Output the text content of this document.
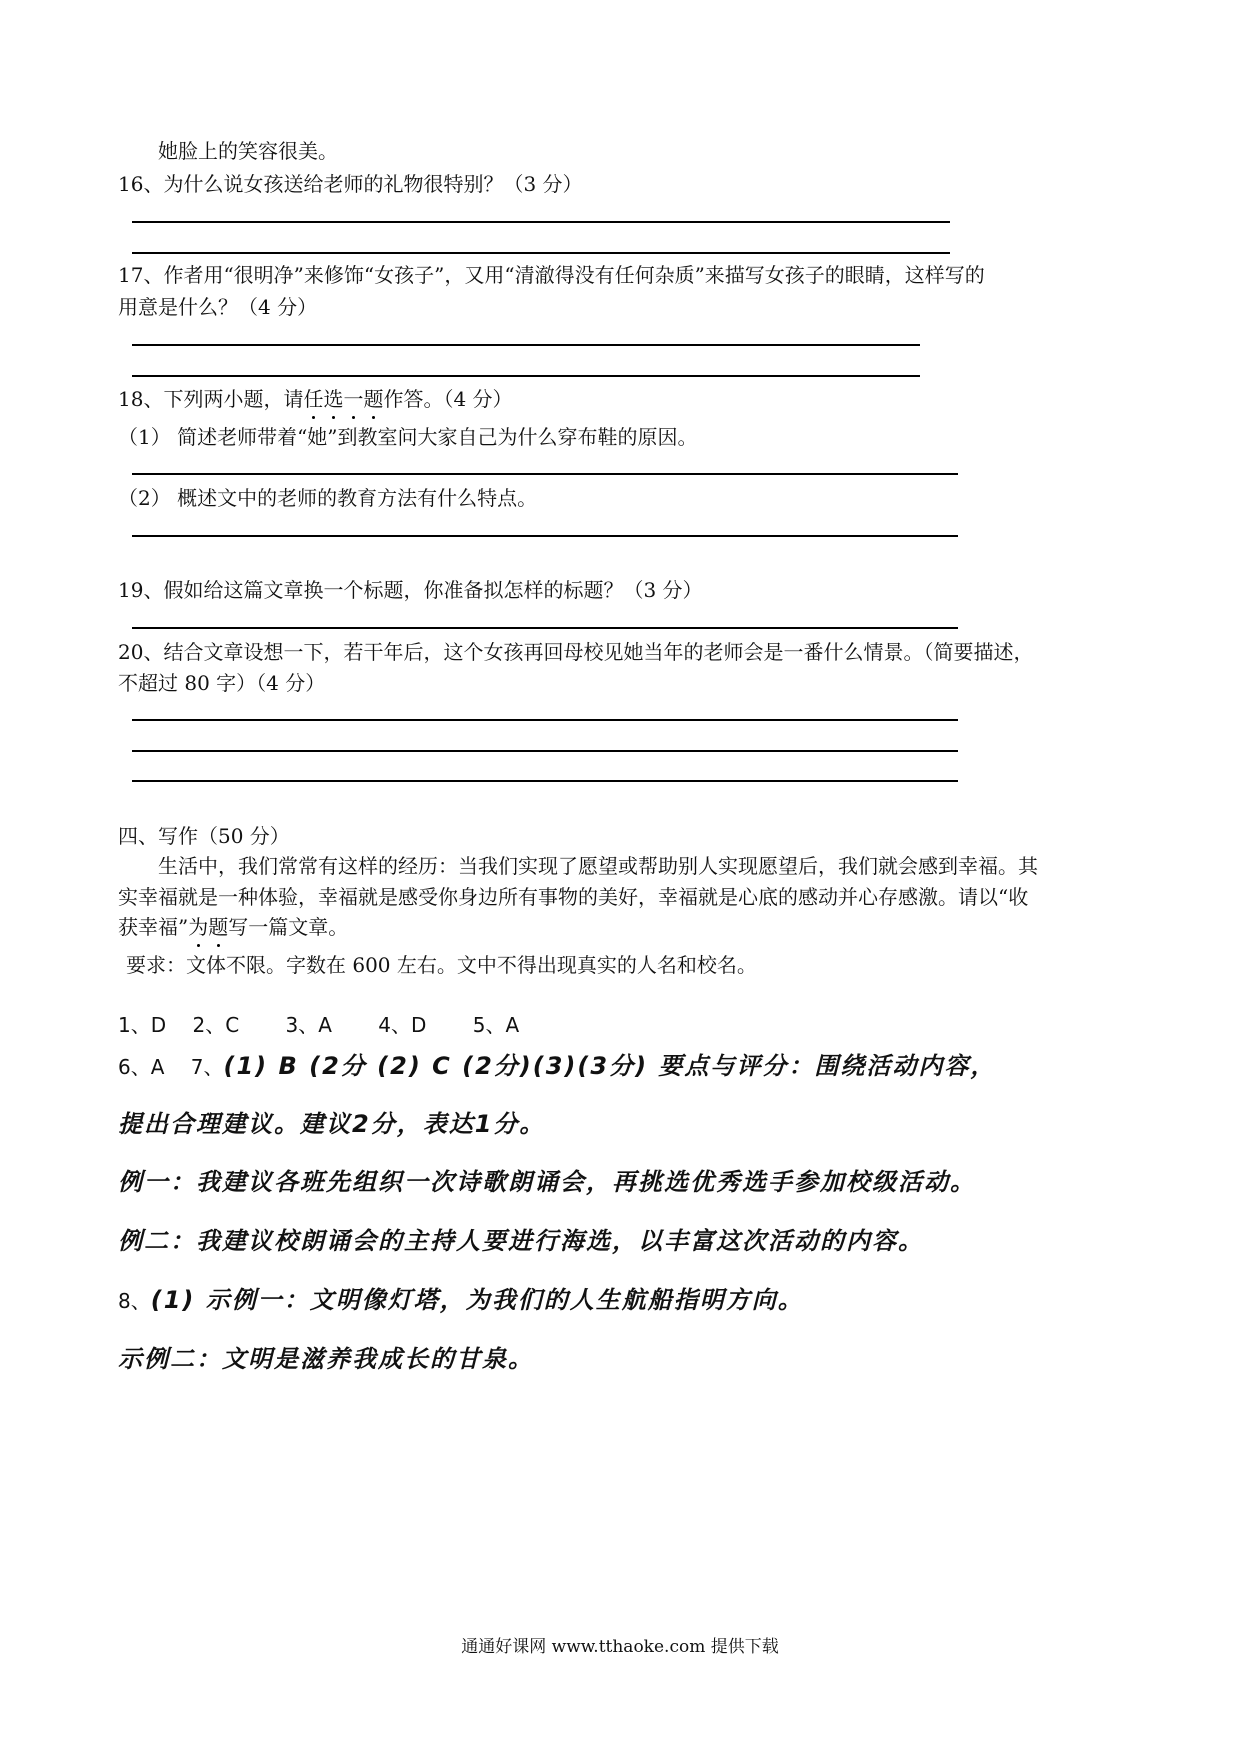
她脸上的笑容很美。
16、为什么说女孩送给老师的礼物很特别？（3 分）
17、作者用“很明净”来修饰“女孩子”，又用“清澈得没有任何杂质”来描写女孩子的眼睛，这样写的
用意是什么？（4 分）
18、下列两小题，请任选一题作答。（4 分）
（1） 简述老师带着“她”到教室问大家自己为什么穿布鞋的原因。
（2） 概述文中的老师的教育方法有什么特点。
19、假如给这篇文章换一个标题，你准备拟怎样的标题？（3 分）
20、结合文章设想一下，若干年后，这个女孩再回母校见她当年的老师会是一番什么情景。（简要描述，
不超过 80 字）（4 分）
四、写作（50 分）
生活中，我们常常有这样的经历：当我们实现了愿望或帮助别人实现愿望后，我们就会感到幸福。其
实幸福就是一种体验，幸福就是感受你身边所有事物的美好，幸福就是心底的感动并心存感激。请以“收
获幸福”为题写一篇文章。
要求：文体不限。字数在 600 左右。文中不得出现真实的人名和校名。
1、D　 2、C　　 3、A　　 4、D　　 5、A
6、A　 7、(1) B (2分 (2) C (2分)(3)(3分) 要点与评分：围绕活动内容，
提出合理建议。建议2分，表达1分。
例一：我建议各班先组织一次诗歌朗诵会，再挑选优秀选手参加校级活动。
例二：我建议校朗诵会的主持人要进行海选，以丰富这次活动的内容。
8、(1) 示例一：文明像灯塔，为我们的人生航船指明方向。
示例二：文明是滋养我成长的甘泉。
通通好课网 www.tthaoke.com 提供下载
